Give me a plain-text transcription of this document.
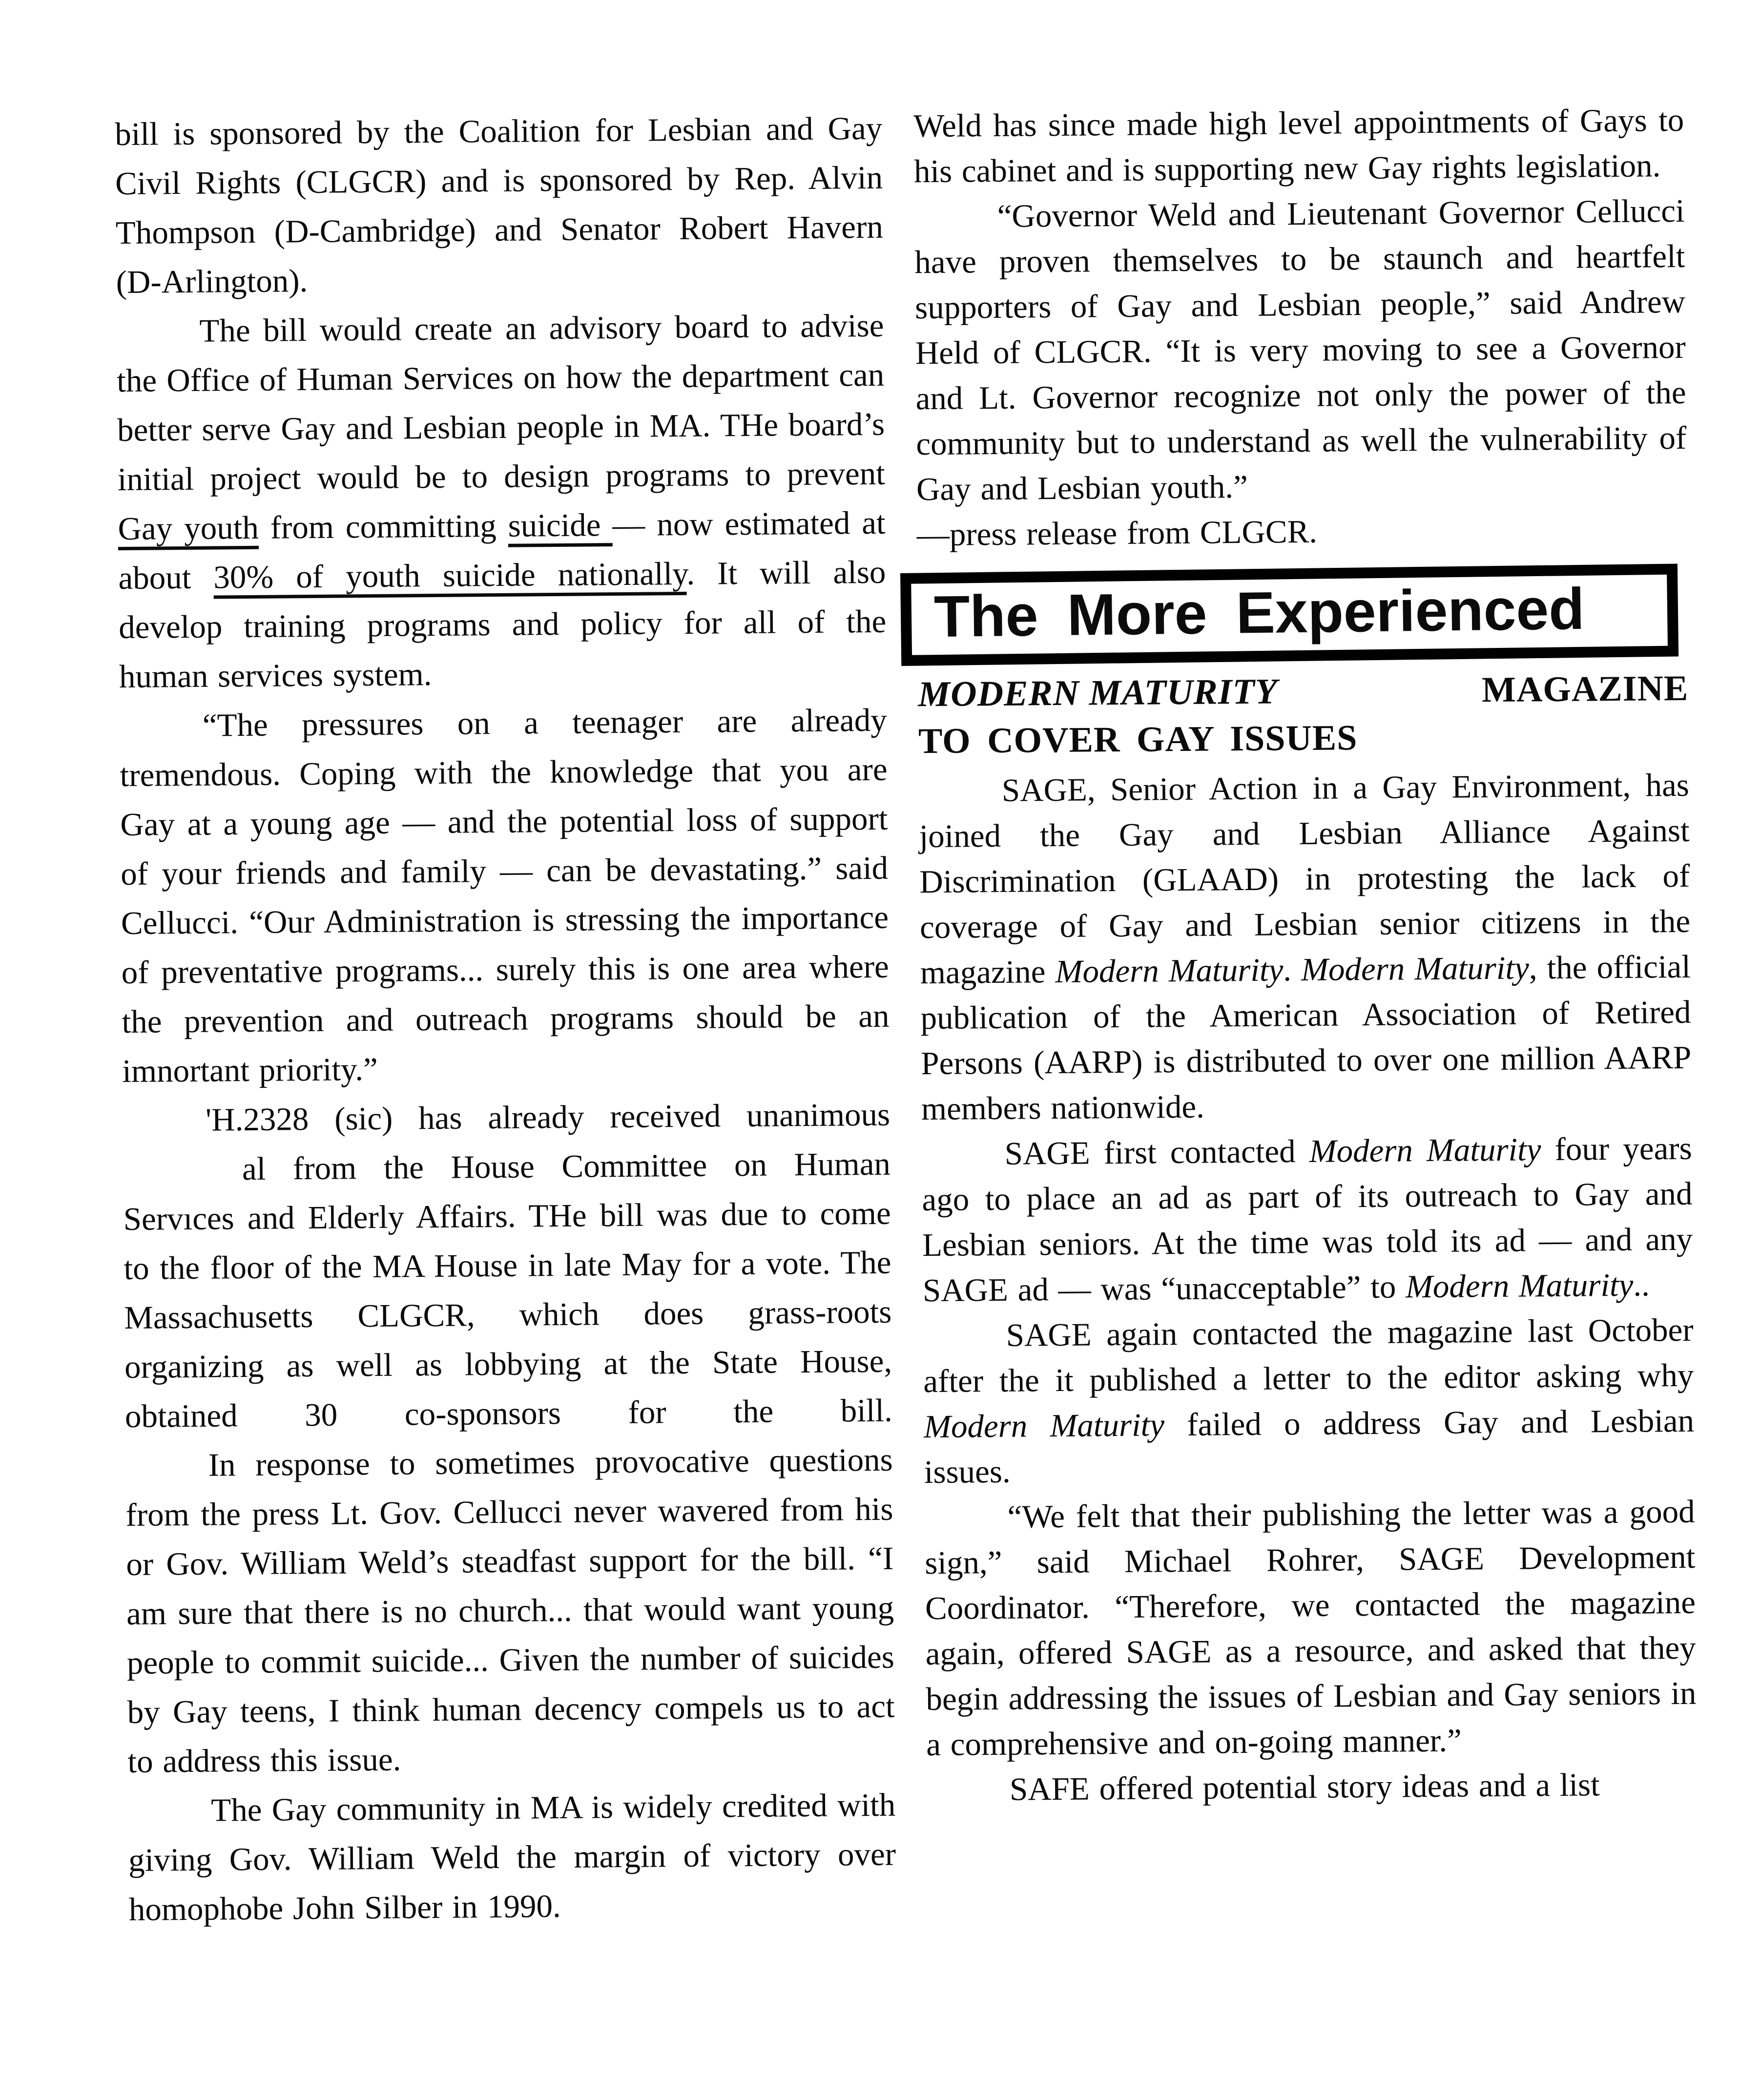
bill is sponsored by the Coalition for Lesbian and Gay Civil Rights (CLGCR) and is sponsored by Rep. Alvin Thompson (D-Cambridge) and Senator Robert Havern (D-Arlington).

The bill would create an advisory board to advise the Office of Human Services on how the department can better serve Gay and Lesbian people in MA. THe board’s initial project would be to design programs to prevent Gay youth from committing suicide — now estimated at about 30% of youth suicide nationally. It will also develop training programs and policy for all of the human services system.

“The pressures on a teenager are already tremendous. Coping with the knowledge that you are Gay at a young age — and the potential loss of support of your friends and family — can be devastating.” said Cellucci. “Our Administration is stressing the importance of preventative programs... surely this is one area where the prevention and outreach programs should be an imnortant priority.”

'H.2328 (sic) has already received unanimous
al from the House Committee on Human
Servıces and Elderly Affairs. THe bill was due to come to the floor of the MA House in late May for a vote. The Massachusetts CLGCR, which does grass-roots organizing as well as lobbying at the State House, obtained 30 co-sponsors for the bill.

In response to sometimes provocative questions from the press Lt. Gov. Cellucci never wavered from his or Gov. William Weld’s steadfast support for the bill. “I am sure that there is no church... that would want young people to commit suicide... Given the number of suicides by Gay teens, I think human decency compels us to act to address this issue.

The Gay community in MA is widely credited with giving Gov. William Weld the margin of victory over homophobe John Silber in 1990.

Weld has since made high level appointments of Gays to his cabinet and is supporting new Gay rights legislation.

“Governor Weld and Lieutenant Governor Cellucci have proven themselves to be staunch and heartfelt supporters of Gay and Lesbian people,” said Andrew Held of CLGCR. “It is very moving to see a Governor and Lt. Governor recognize not only the power of the community but to understand as well the vulnerability of Gay and Lesbian youth.”

—press release from CLGCR.

The More Experienced
MODERN MATURITY	MAGAZINE
TO COVER GAY ISSUES

SAGE, Senior Action in a Gay Environment, has joined the Gay and Lesbian Alliance Against Discrimination (GLAAD) in protesting the lack of coverage of Gay and Lesbian senior citizens in the magazine Modern Maturity. Modern Maturity, the official publication of the American Association of Retired Persons (AARP) is distributed to over one million AARP members nationwide.

SAGE first contacted Modern Maturity four years ago to place an ad as part of its outreach to Gay and Lesbian seniors. At the time was told its ad — and any SAGE ad — was “unacceptable” to Modern Maturity..

SAGE again contacted the magazine last October after the it published a letter to the editor asking why Modern Maturity failed o address Gay and Lesbian issues.

“We felt that their publishing the letter was a good sign,” said Michael Rohrer, SAGE Development Coordinator. “Therefore, we contacted the magazine again, offered SAGE as a resource, and asked that they begin addressing the issues of Lesbian and Gay seniors in a comprehensive and on-going manner.”

SAFE offered potential story ideas and a list
